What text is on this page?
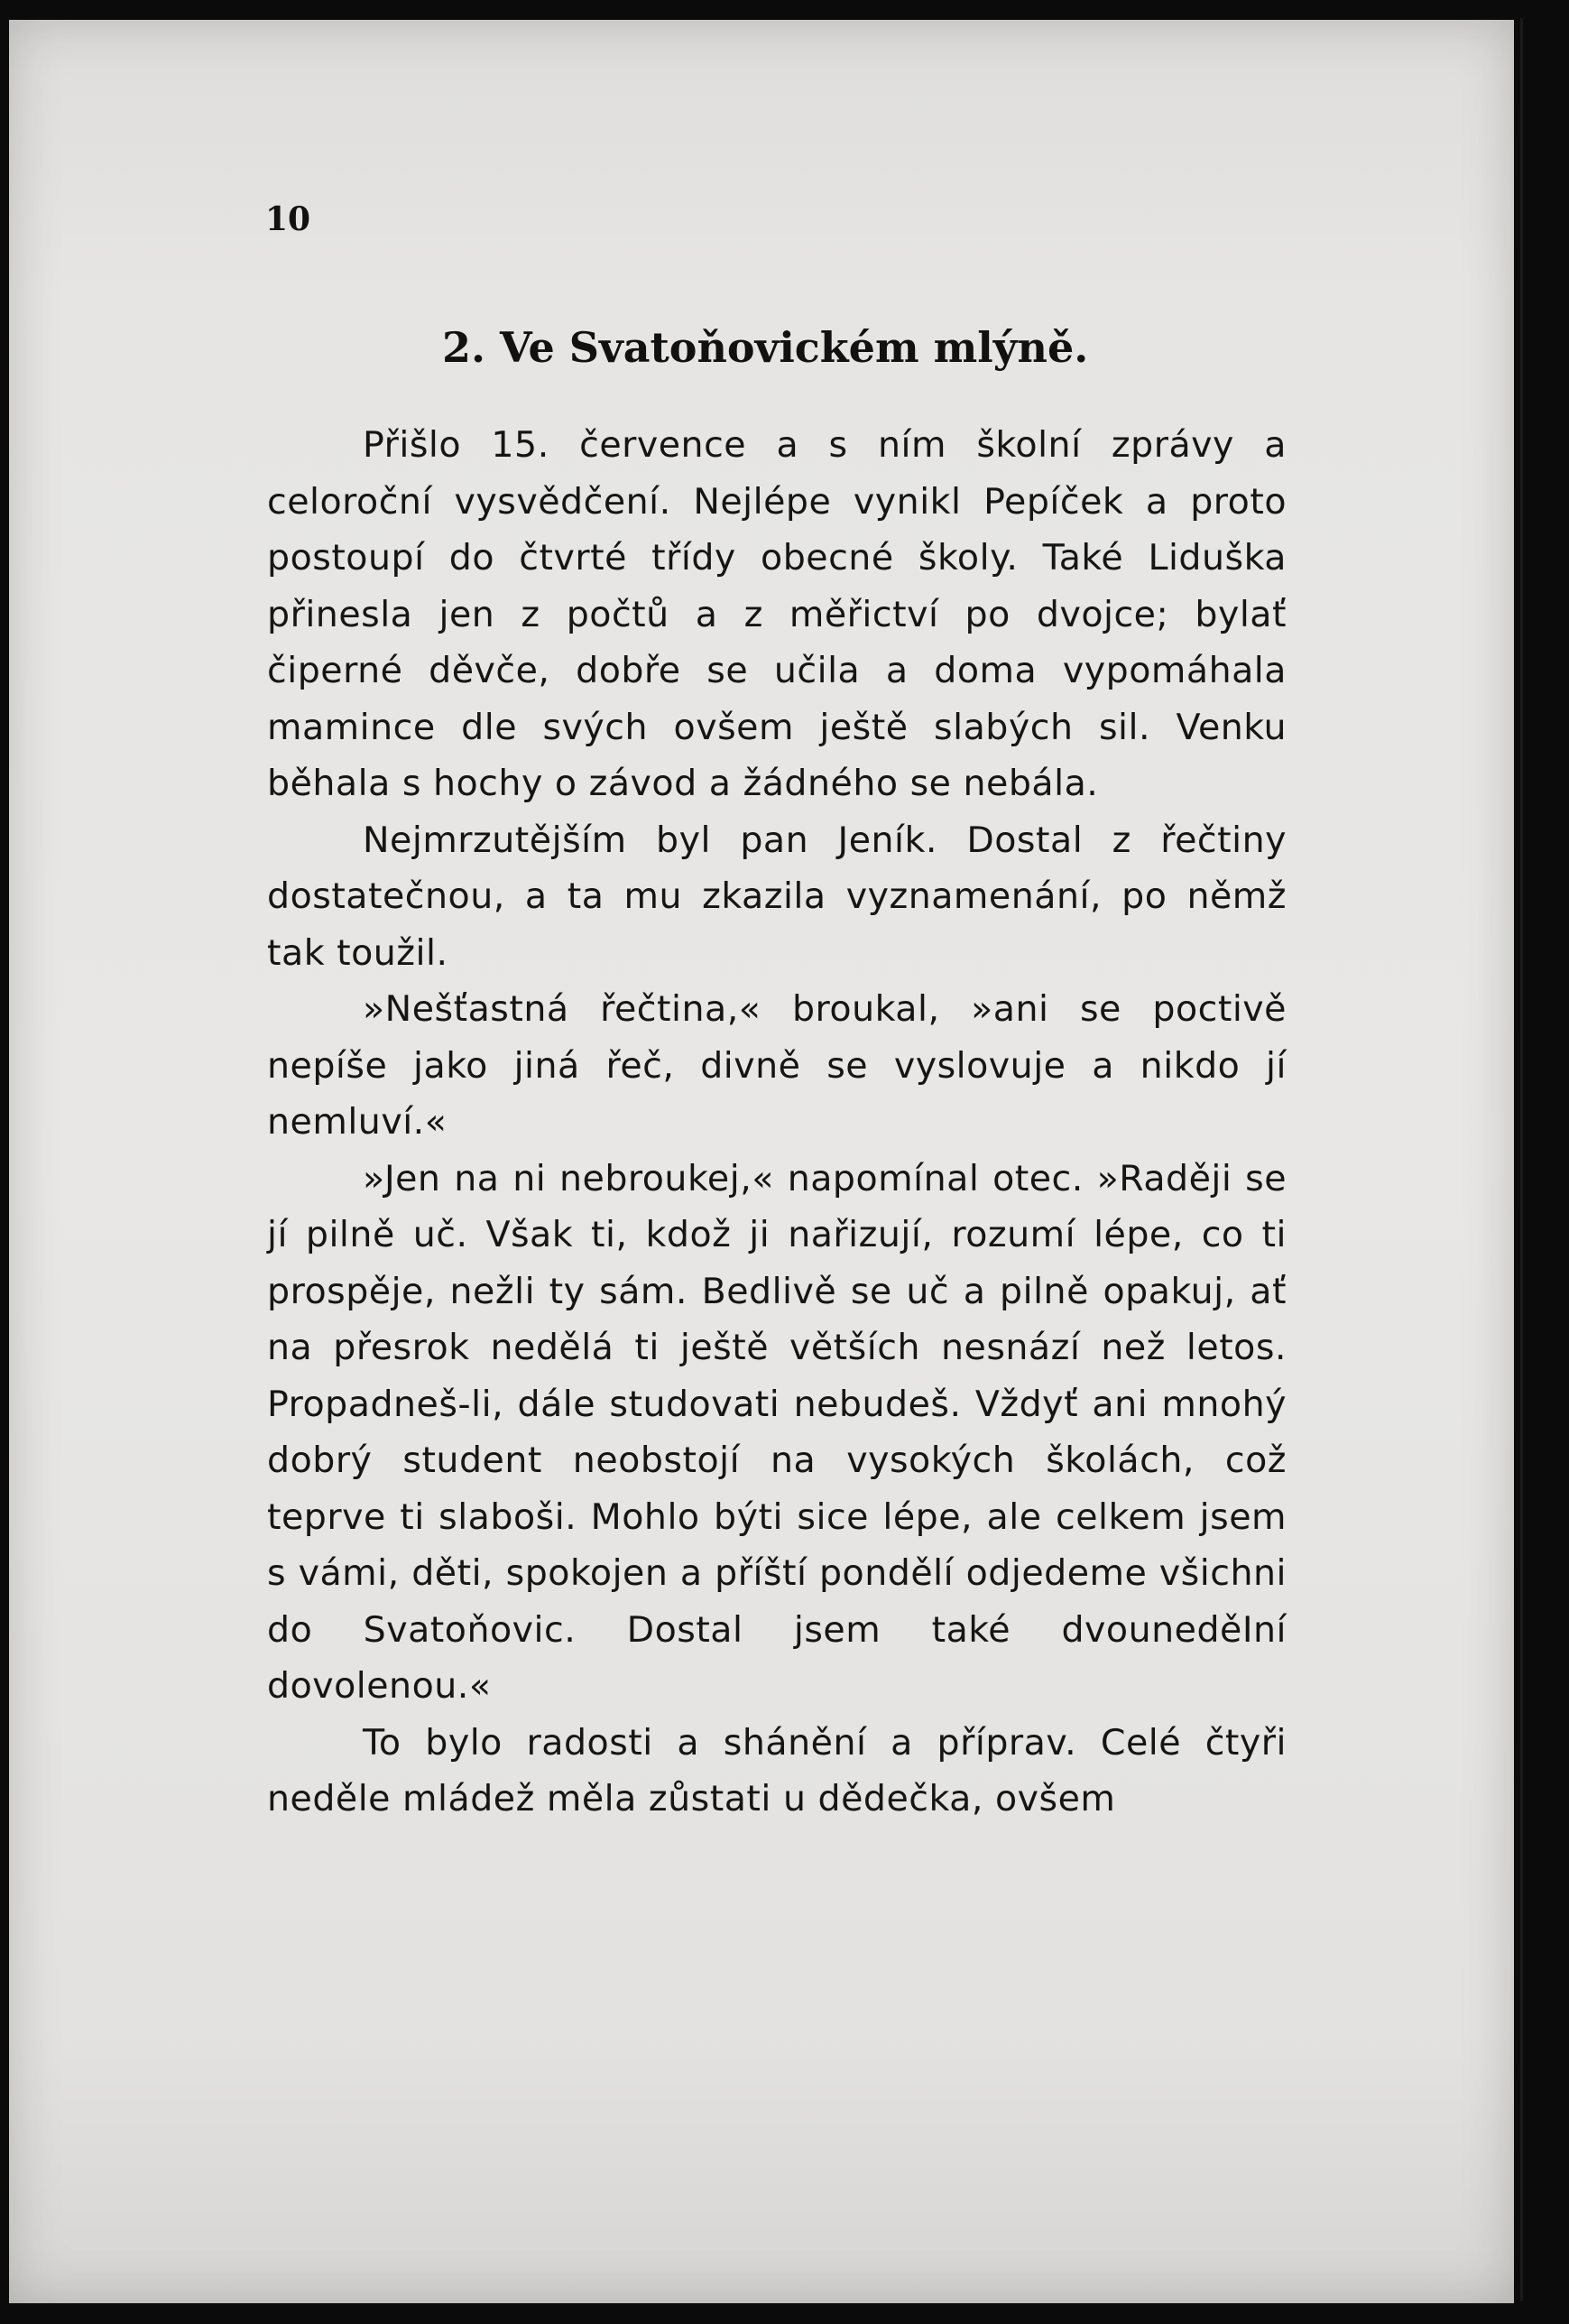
10
2. Ve Svatoňovickém mlýně.

Přišlo 15. července a s ním školní zprávy a celoroční vysvědčení. Nejlépe vynikl Pepíček a proto postoupí do čtvrté třídy obecné školy. Také Liduška přinesla jen z počtů a z měřictví po dvojce; bylať čiperné děvče, dobře se učila a doma vypomáhala mamince dle svých ovšem ještě slabých sil. Venku běhala s hochy o závod a žádného se nebála.

Nejmrzutějším byl pan Jeník. Dostal z řečtiny dostatečnou, a ta mu zkazila vyznamenání, po němž tak toužil.

»Nešťastná řečtina,« broukal, »ani se poctivě nepíše jako jiná řeč, divně se vyslovuje a nikdo jí nemluví.«

»Jen na ni nebroukej,« napomínal otec. »Raději se jí pilně uč. Však ti, kdož ji nařizují, rozumí lépe, co ti prospěje, nežli ty sám. Bedlivě se uč a pilně opakuj, ať na přesrok nedělá ti ještě větších nesnází než letos. Propadneš-li, dále studovati nebudeš. Vždyť ani mnohý dobrý student neobstojí na vysokých školách, což teprve ti slaboši. Mohlo býti sice lépe, ale celkem jsem s vámi, děti, spokojen a příští pondělí odjedeme všichni do Svatoňovic. Dostal jsem také dvouneděIní dovolenou.«

To bylo radosti a shánění a příprav. Celé čtyři neděle mládež měla zůstati u dědečka, ovšem
